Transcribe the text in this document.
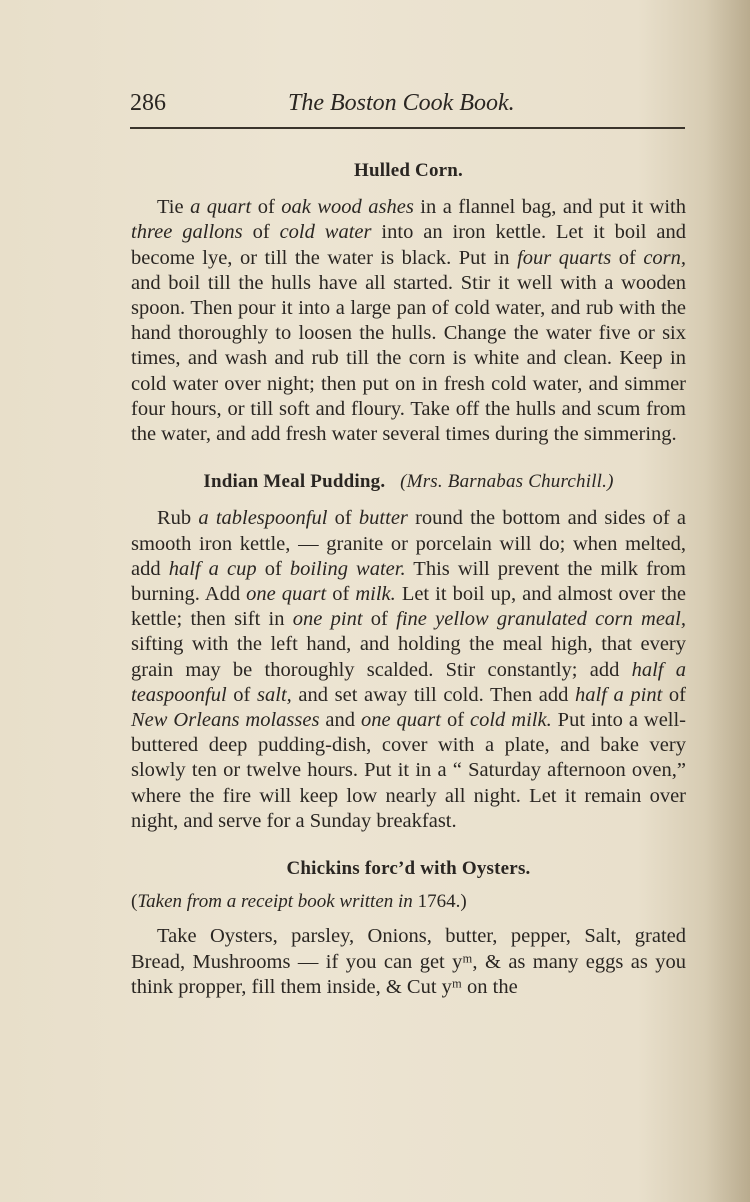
286	The Boston Cook Book.
Hulled Corn.

Tie a quart of oak wood ashes in a flannel bag, and put it with three gallons of cold water into an iron kettle. Let it boil and become lye, or till the water is black. Put in four quarts of corn, and boil till the hulls have all started. Stir it well with a wooden spoon. Then pour it into a large pan of cold water, and rub with the hand thoroughly to loosen the hulls. Change the water five or six times, and wash and rub till the corn is white and clean. Keep in cold water over night; then put on in fresh cold water, and simmer four hours, or till soft and floury. Take off the hulls and scum from the water, and add fresh water several times during the simmering.

Indian Meal Pudding. (Mrs. Barnabas Churchill.)

Rub a tablespoonful of butter round the bottom and sides of a smooth iron kettle, — granite or porcelain will do; when melted, add half a cup of boiling water. This will prevent the milk from burning. Add one quart of milk. Let it boil up, and almost over the kettle; then sift in one pint of fine yellow granulated corn meal, sifting with the left hand, and holding the meal high, that every grain may be thoroughly scalded. Stir constantly; add half a teaspoonful of salt, and set away till cold. Then add half a pint of New Orleans molasses and one quart of cold milk. Put into a well-buttered deep pudding-dish, cover with a plate, and bake very slowly ten or twelve hours. Put it in a “ Saturday afternoon oven,” where the fire will keep low nearly all night. Let it remain over night, and serve for a Sunday breakfast.

Chickins forc’d with Oysters.

(Taken from a receipt book written in 1764.)

Take Oysters, parsley, Onions, butter, pepper, Salt, grated Bread, Mushrooms — if you can get yᵐ, & as many eggs as you think propper, fill them inside, & Cut yᵐ on the
